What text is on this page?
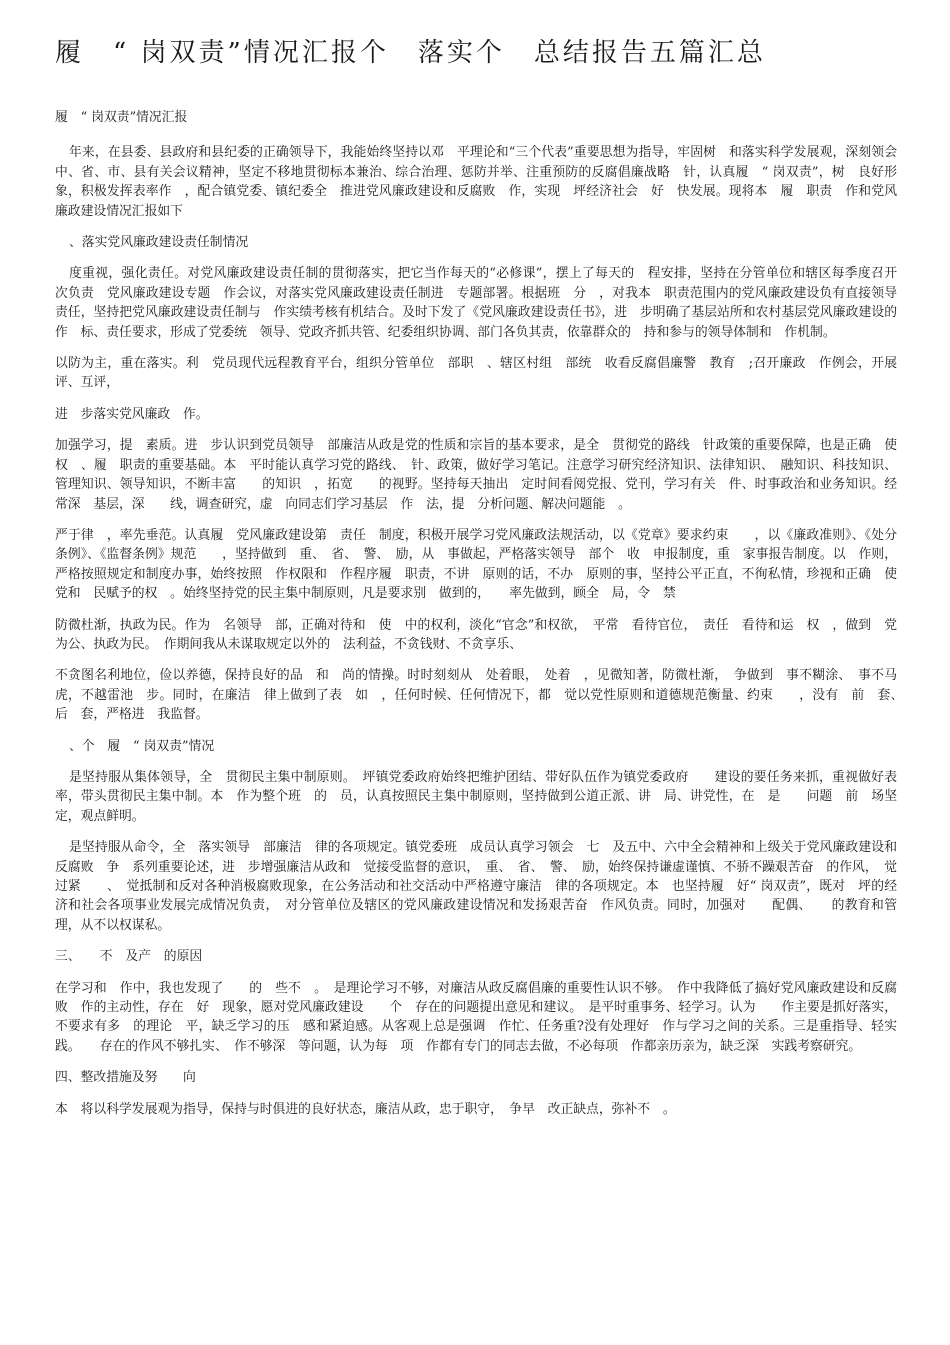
履　“ 岗双责”情况汇报个　落实个　总结报告五篇汇总

履　“ 岗双责”情况汇报

年来，在县委、县政府和县纪委的正确领导下，我能始终坚持以邓　平理论和“三个代表”重要思想为指导，牢固树　和落实科学发展观，深刻领会中、省、市、县有关会议精神，坚定不移地贯彻标本兼治、综合治理、惩防并举、注重预防的反腐倡廉战略　针，认真履　“ 岗双责”，树　良好形象，积极发挥表率作　，配合镇党委、镇纪委全　推进党风廉政建设和反腐败　作，实现　坪经济社会　好　快发展。现将本　履　职责　作和党风廉政建设情况汇报如下

、落实党风廉政建设责任制情况

度重视，强化责任。对党风廉政建设责任制的贯彻落实，把它当作每天的“必修课”，摆上了每天的　程安排，坚持在分管单位和辖区每季度召开　次负责　党风廉政建设专题　作会议，对落实党风廉政建设责任制进　专题部署。根据班　分　，对我本　职责范围内的党风廉政建设负有直接领导责任，坚持把党风廉政建设责任制与　作实绩考核有机结合。及时下发了《党风廉政建设责任书》，进　步明确了基层站所和农村基层党风廉政建设的　作　标、责任要求，形成了党委统　领导、党政齐抓共管、纪委组织协调、部门各负其责，依靠群众的　持和参与的领导体制和　作机制。

以防为主，重在落实。利　党员现代远程教育平台，组织分管单位　部职　、辖区村组　部统　收看反腐倡廉警　教育　;召开廉政　作例会，开展　评、互评，

进　步落实党风廉政　作。

加强学习，提　素质。进　步认识到党员领导　部廉洁从政是党的性质和宗旨的基本要求，是全　贯彻党的路线　针政策的重要保障，也是正确　使权　、履　职责的重要基础。本　平时能认真学习党的路线、　针、政策，做好学习笔记。注意学习研究经济知识、法律知识、　融知识、科技知识、管理知识、领导知识，不断丰富　　的知识　，拓宽　　的视野。坚持每天抽出　定时间看阅党报、党刊，学习有关　件、时事政治和业务知识。经常深　基层，深　　线，调查研究，虚　向同志们学习基层　作　法，提　分析问题、解决问题能　。

严于律　，率先垂范。认真履　党风廉政建设第　责任　制度，积极开展学习党风廉政法规活动，以《党章》要求约束　　，以《廉政准则》、《处分条例》、《监督条例》规范　　，坚持做到　重、　省、　警、　励，从　事做起，严格落实领导　部个　收　申报制度，重　家事报告制度。以　作则，严格按照规定和制度办事，始终按照　作权限和　作程序履　职责，不讲　原则的话，不办　原则的事，坚持公平正直，不徇私情，珍视和正确　使党和　民赋予的权　。始终坚持党的民主集中制原则，凡是要求别　做到的，　　率先做到，顾全　局，令　禁

防微杜渐，执政为民。作为　名领导　部，正确对待和　使　中的权利，淡化“官念”和权欲，　平常　看待官位，　责任　看待和运　权　，做到　党为公、执政为民。　作期间我从未谋取规定以外的　法利益，不贪钱财、不贪享乐、

不贪图名利地位，俭以养德，保持良好的品　和　尚的情操。时时刻刻从　处着眼，　处着　，见微知著，防微杜渐，　争做到　事不糊涂、　事不马虎，不越雷池　步。同时，在廉洁　律上做到了表　如　，任何时候、任何情况下，都　觉以党性原则和道德规范衡量、约束　　，没有　前　套、　后　套，严格进　我监督。

、个　履　“ 岗双责”情况

是坚持服从集体领导，全　贯彻民主集中制原则。　坪镇党委政府始终把维护团结、带好队伍作为镇党委政府　　建设的要任务来抓，重视做好表率，带头贯彻民主集中制。本　作为整个班　的　员，认真按照民主集中制原则，坚持做到公道正派、讲　局、讲党性，在　是　　问题　前　场坚定，观点鲜明。

是坚持服从命令，全　落实领导　部廉洁　律的各项规定。镇党委班　成员认真学习领会　七　及五中、六中全会精神和上级关于党风廉政建设和反腐败　争　系列重要论述，进　步增强廉洁从政和　觉接受监督的意识，　重、　省、　警、　励，始终保持谦虚谨慎、不骄不躁艰苦奋　的作风，　觉过紧　　、　觉抵制和反对各种消极腐败现象，在公务活动和社交活动中严格遵守廉洁　律的各项规定。本　也坚持履　好“ 岗双责”，既对　坪的经济和社会各项事业发展完成情况负责，　对分管单位及辖区的党风廉政建设情况和发扬艰苦奋　作风负责。同时，加强对　　配偶、　　的教育和管理，从不以权谋私。

三、　　不　及产　的原因

在学习和　作中，我也发现了　　的　些不　。　是理论学习不够，对廉洁从政反腐倡廉的重要性认识不够。　作中我降低了搞好党风廉政建设和反腐败　作的主动性，存在　好　现象，愿对党风廉政建设　　个　存在的问题提出意见和建议。　是平时重事务、轻学习。认为　　作主要是抓好落实，不要求有多　的理论　平，缺乏学习的压　感和紧迫感。从客观上总是强调　作忙、任务重?没有处理好　作与学习之间的关系。三是重指导、轻实践。　　存在的作风不够扎实、　作不够深　等问题，认为每　项　作都有专门的同志去做，不必每项　作都亲历亲为，缺乏深　实践考察研究。

四、整改措施及努　　向

本　将以科学发展观为指导，保持与时俱进的良好状态，廉洁从政，忠于职守，　争早　改正缺点，弥补不　。
